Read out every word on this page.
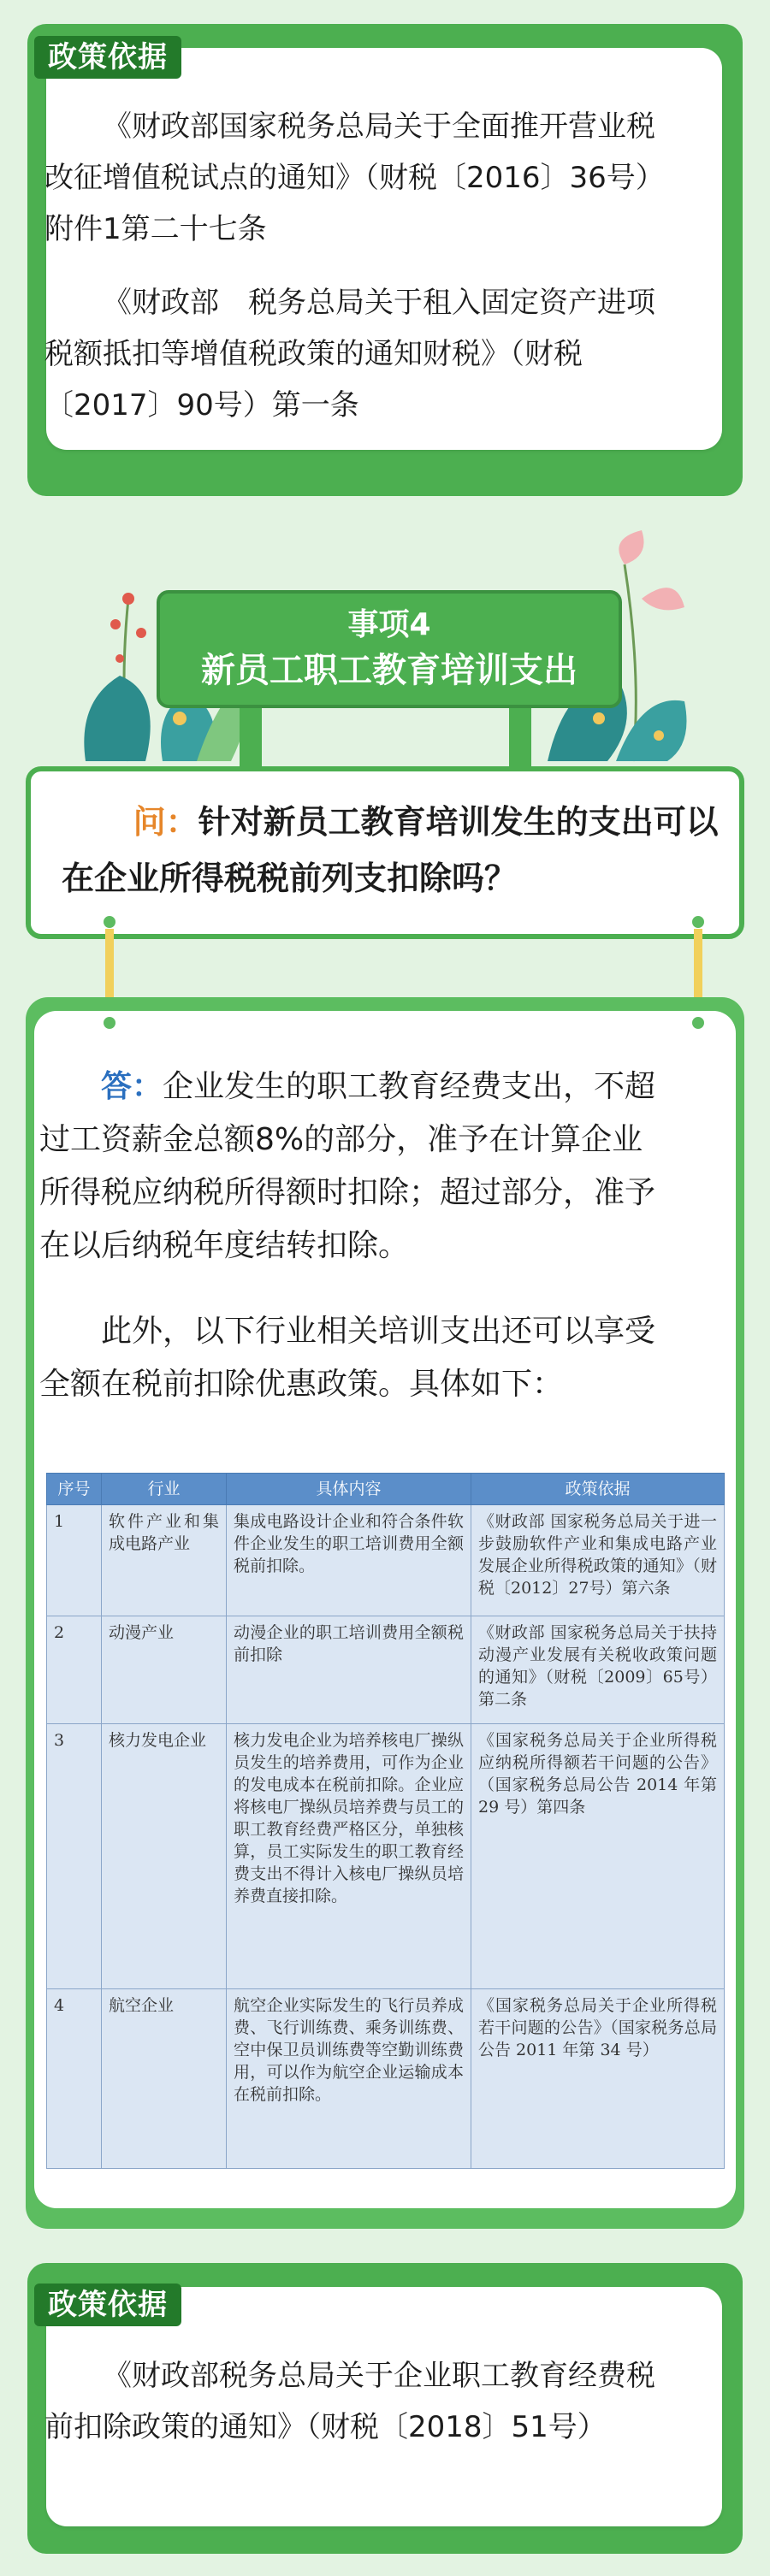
政策依据

《财政部国家税务总局关于全面推开营业税改征增值税试点的通知》（财税〔2016〕36号）附件1第二十七条

《财政部　税务总局关于租入固定资产进项税额抵扣等增值税政策的通知财税》（财税〔2017〕90号）第一条

事项4
新员工职工教育培训支出
问：针对新员工教育培训发生的支出可以在企业所得税税前列支扣除吗？
答：企业发生的职工教育经费支出，不超过工资薪金总额8%的部分，准予在计算企业所得税应纳税所得额时扣除；超过部分，准予在以后纳税年度结转扣除。
此外，以下行业相关培训支出还可以享受全额在税前扣除优惠政策。具体如下：
序号	行业	具体内容	政策依据
1	软件产业和集成电路产业	集成电路设计企业和符合条件软件企业发生的职工培训费用全额税前扣除。	《财政部 国家税务总局关于进一步鼓励软件产业和集成电路产业发展企业所得税政策的通知》（财税〔2012〕27号）第六条
2	动漫产业	动漫企业的职工培训费用全额税前扣除	《财政部 国家税务总局关于扶持动漫产业发展有关税收政策问题的通知》（财税〔2009〕65号）第二条
3	核力发电企业	核力发电企业为培养核电厂操纵员发生的培养费用，可作为企业的发电成本在税前扣除。企业应将核电厂操纵员培养费与员工的职工教育经费严格区分，单独核算，员工实际发生的职工教育经费支出不得计入核电厂操纵员培养费直接扣除。	《国家税务总局关于企业所得税应纳税所得额若干问题的公告》（国家税务总局公告 2014 年第 29 号）第四条
4	航空企业	航空企业实际发生的飞行员养成费、飞行训练费、乘务训练费、空中保卫员训练费等空勤训练费用，可以作为航空企业运输成本在税前扣除。	《国家税务总局关于企业所得税若干问题的公告》（国家税务总局公告 2011 年第 34 号）
政策依据

《财政部税务总局关于企业职工教育经费税前扣除政策的通知》（财税〔2018〕51号）
